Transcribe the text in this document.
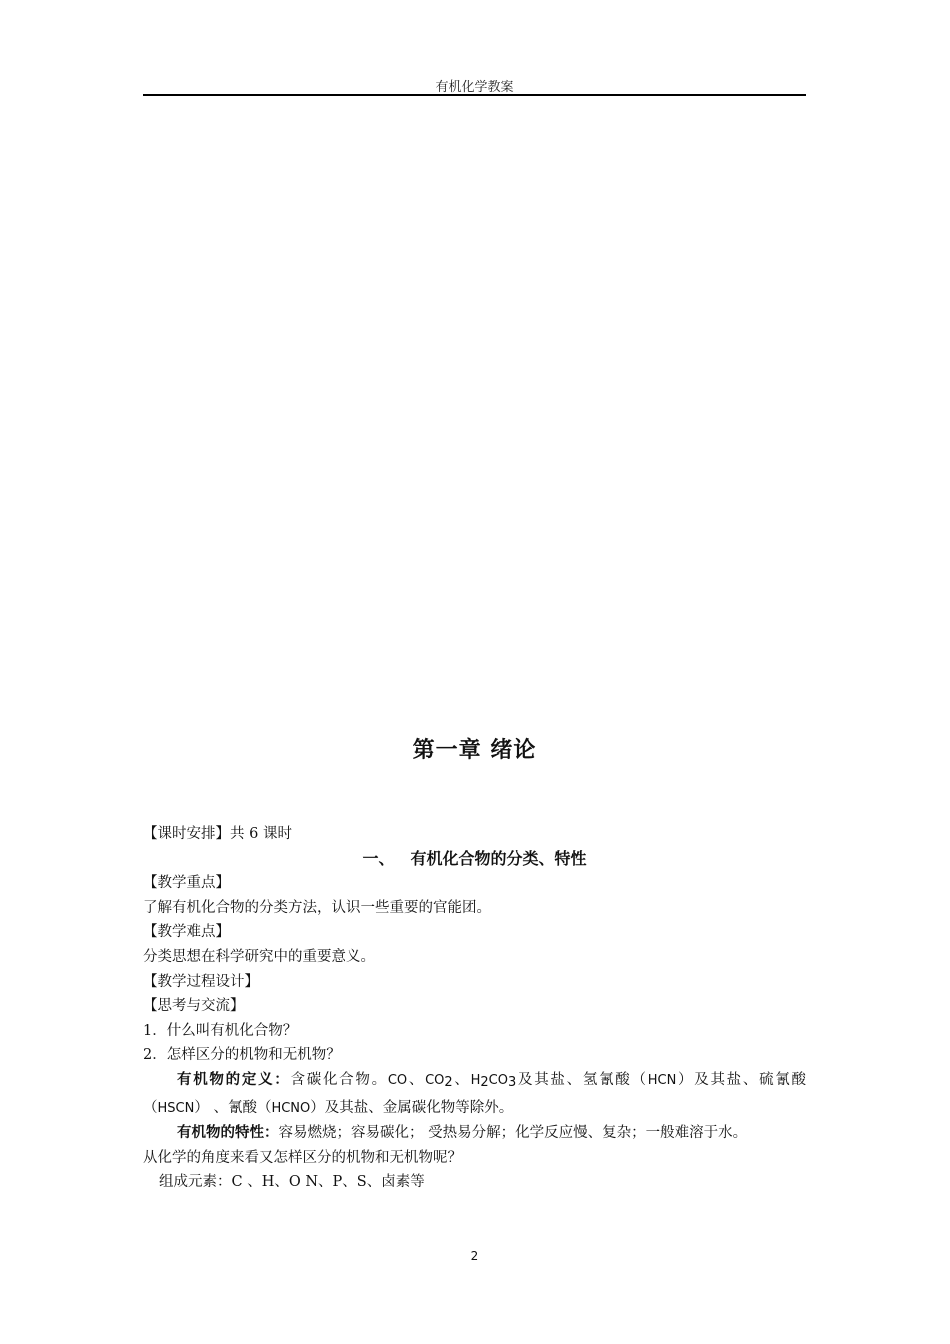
有机化学教案
第一章 绪论

【课时安排】共 6 课时

一、 有机化合物的分类、特性

【教学重点】

了解有机化合物的分类方法，认识一些重要的官能团。

【教学难点】

分类思想在科学研究中的重要意义。

【教学过程设计】

【思考与交流】

1．什么叫有机化合物？

2．怎样区分的机物和无机物？

有机物的定义：含碳化合物。CO、$CO_2$、$H_2CO_3$及其盐、氢氰酸（HCN）及其盐、硫氰酸（HSCN） 、氰酸（HCNO）及其盐、金属碳化物等除外。

有机物的特性：容易燃烧；容易碳化； 受热易分解；化学反应慢、复杂；一般难溶于水。

从化学的角度来看又怎样区分的机物和无机物呢？

组成元素：C 、H、O N、P、S、卤素等

2
